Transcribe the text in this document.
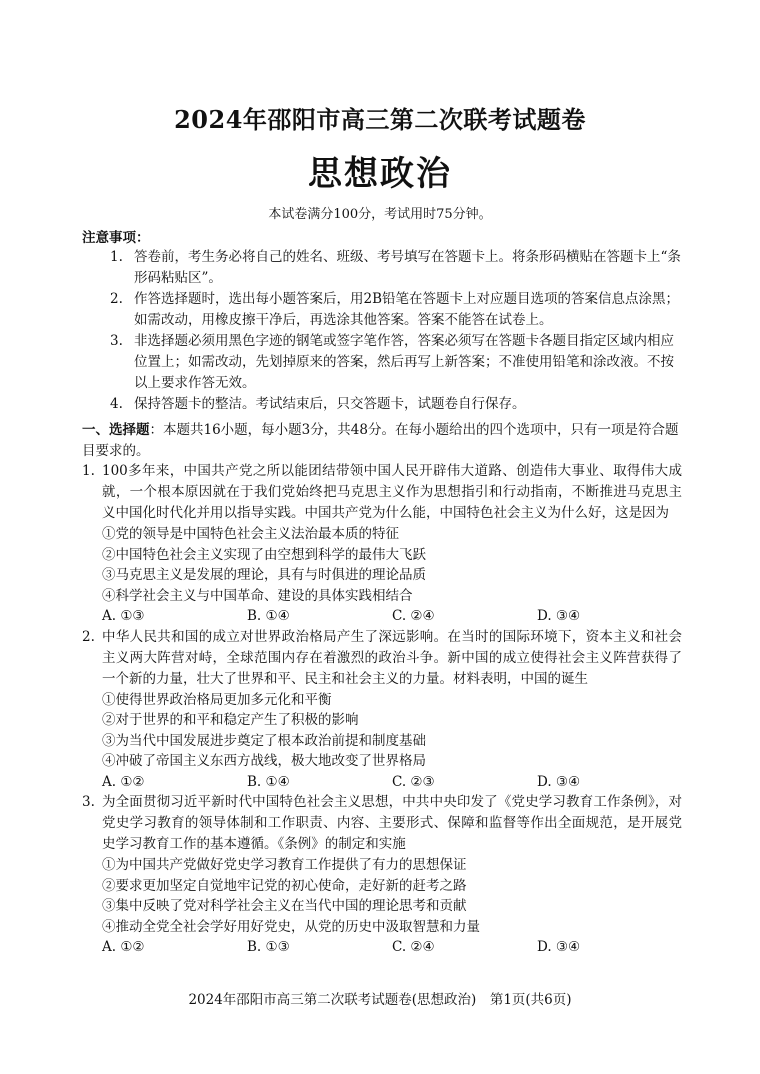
2024年邵阳市高三第二次联考试题卷
思想政治
本试卷满分100分，考试用时75分钟。
注意事项：
1. 答卷前，考生务必将自己的姓名、班级、考号填写在答题卡上。将条形码横贴在答题卡上“条形码粘贴区”。
2. 作答选择题时，选出每小题答案后，用2B铅笔在答题卡上对应题目选项的答案信息点涂黑；如需改动，用橡皮擦干净后，再选涂其他答案。答案不能答在试卷上。
3. 非选择题必须用黑色字迹的钢笔或签字笔作答，答案必须写在答题卡各题目指定区域内相应位置上；如需改动，先划掉原来的答案，然后再写上新答案；不准使用铅笔和涂改液。不按以上要求作答无效。
4. 保持答题卡的整洁。考试结束后，只交答题卡，试题卷自行保存。
一、选择题：本题共16小题，每小题3分，共48分。在每小题给出的四个选项中，只有一项是符合题目要求的。
1. 100多年来，中国共产党之所以能团结带领中国人民开辟伟大道路、创造伟大事业、取得伟大成就，一个根本原因就在于我们党始终把马克思主义作为思想指引和行动指南，不断推进马克思主义中国化时代化并用以指导实践。中国共产党为什么能，中国特色社会主义为什么好，这是因为
①党的领导是中国特色社会主义法治最本质的特征
②中国特色社会主义实现了由空想到科学的最伟大飞跃
③马克思主义是发展的理论，具有与时俱进的理论品质
④科学社会主义与中国革命、建设的具体实践相结合
A. ①③	B. ①④	C. ②④	D. ③④
2. 中华人民共和国的成立对世界政治格局产生了深远影响。在当时的国际环境下，资本主义和社会主义两大阵营对峙，全球范围内存在着激烈的政治斗争。新中国的成立使得社会主义阵营获得了一个新的力量，壮大了世界和平、民主和社会主义的力量。材料表明，中国的诞生
①使得世界政治格局更加多元化和平衡
②对于世界的和平和稳定产生了积极的影响
③为当代中国发展进步奠定了根本政治前提和制度基础
④冲破了帝国主义东西方战线，极大地改变了世界格局
A. ①②	B. ①④	C. ②③	D. ③④
3. 为全面贯彻习近平新时代中国特色社会主义思想，中共中央印发了《党史学习教育工作条例》，对党史学习教育的领导体制和工作职责、内容、主要形式、保障和监督等作出全面规范，是开展党史学习教育工作的基本遵循。《条例》的制定和实施
①为中国共产党做好党史学习教育工作提供了有力的思想保证
②要求更加坚定自觉地牢记党的初心使命，走好新的赶考之路
③集中反映了党对科学社会主义在当代中国的理论思考和贡献
④推动全党全社会学好用好党史，从党的历史中汲取智慧和力量
A. ①②	B. ①③	C. ②④	D. ③④
2024年邵阳市高三第二次联考试题卷(思想政治)　第1页(共6页)
